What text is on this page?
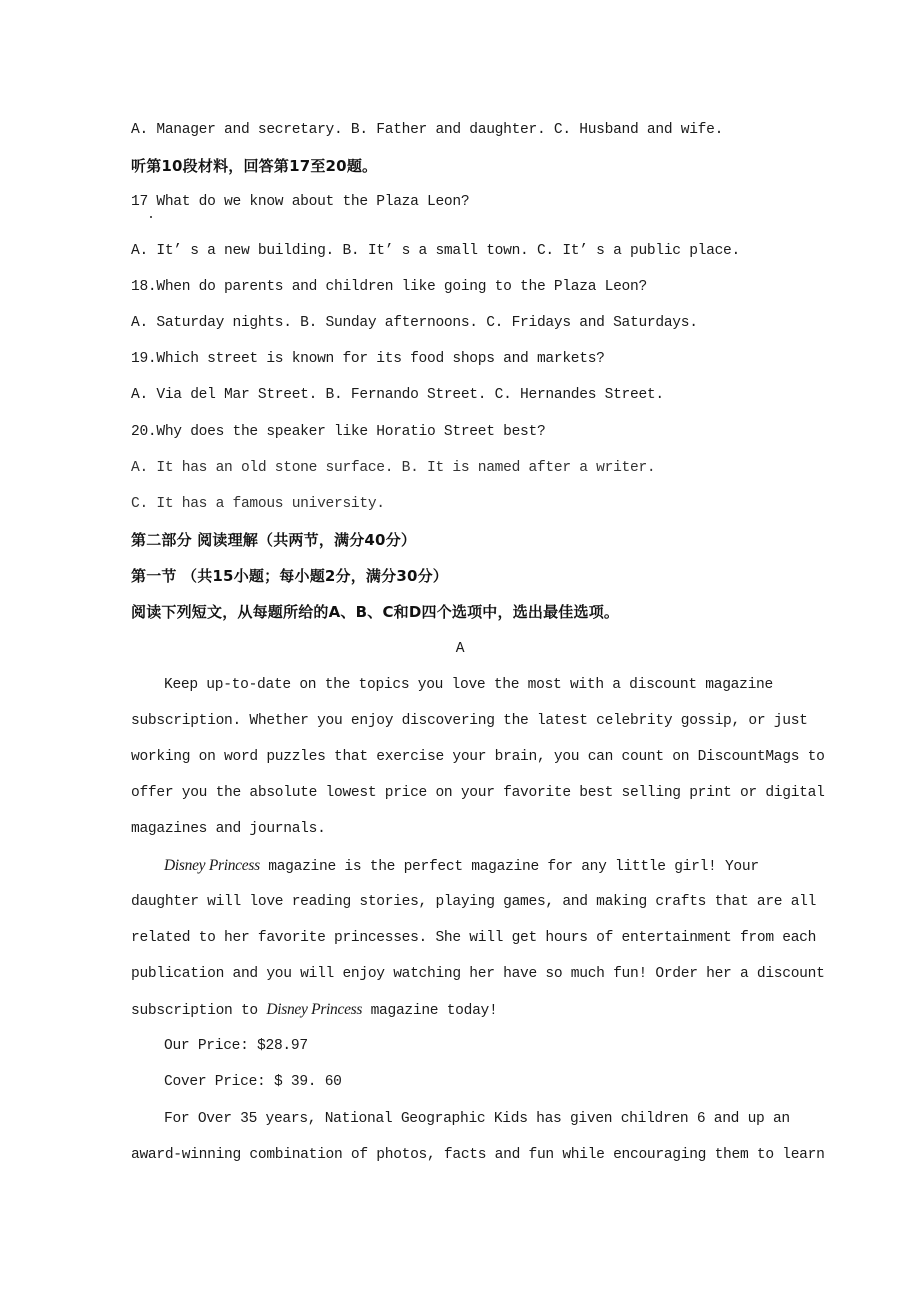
A. Manager and secretary. B. Father and daughter. C. Husband and wife.
听第10段材料，回答第17至20题。
17 What do we know about the Plaza Leon?
A. It’ s a new building. B. It’ s a small town. C. It’ s a public place.
18.When do parents and children like going to the Plaza Leon?
A. Saturday nights. B. Sunday afternoons. C. Fridays and Saturdays.
19.Which street is known for its food shops and markets?
A. Via del Mar Street. B. Fernando Street. C. Hernandes Street.
20.Why does the speaker like Horatio Street best?
A. It has an old stone surface. B. It is named after a writer.
C. It has a famous university.
第二部分 阅读理解（共两节，满分40分）
第一节 （共15小题；每小题2分，满分30分）
阅读下列短文，从每题所给的A、B、C和D四个选项中，选出最佳选项。
A
Keep up-to-date on the topics you love the most with a discount magazine
subscription. Whether you enjoy discovering the latest celebrity gossip, or just
working on word puzzles that exercise your brain, you can count on DiscountMags to
offer you the absolute lowest price on your favorite best selling print or digital
magazines and journals.
Disney Princess magazine is the perfect magazine for any little girl! Your
daughter will love reading stories, playing games, and making crafts that are all
related to her favorite princesses. She will get hours of entertainment from each
publication and you will enjoy watching her have so much fun! Order her a discount
subscription to Disney Princess magazine today!
Our Price: $28.97
Cover Price: $ 39. 60
For Over 35 years, National Geographic Kids has given children 6 and up an
award-winning combination of photos, facts and fun while encouraging them to learn
